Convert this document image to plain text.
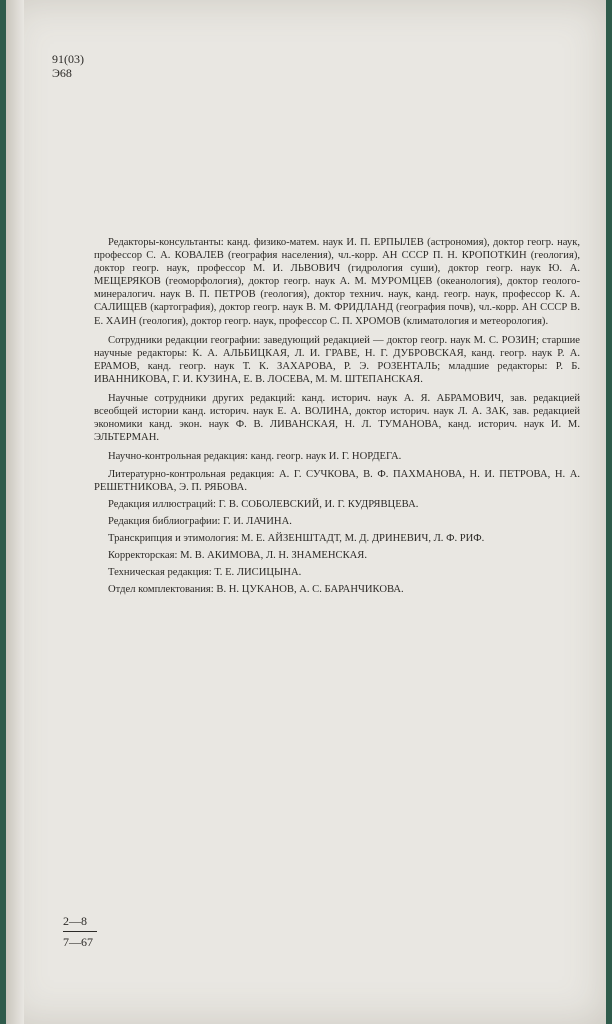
91(03)
Э68

Редакторы-консультанты: канд. физико-матем. наук И. П. ЕРПЫЛЕВ (астрономия), доктор геогр. наук, профессор С. А. КОВАЛЕВ (география населения), чл.-корр. АН СССР П. Н. КРОПОТКИН (геология), доктор геогр. наук, профессор М. И. ЛЬВОВИЧ (гидрология суши), доктор геогр. наук Ю. А. МЕЩЕРЯКОВ (геоморфология), доктор геогр. наук А. М. МУРОМЦЕВ (океанология), доктор геолого-минералогич. наук В. П. ПЕТРОВ (геология), доктор технич. наук, канд. геогр. наук, профессор К. А. САЛИЩЕВ (картография), доктор геогр. наук В. М. ФРИДЛАНД (география почв), чл.-корр. АН СССР В. Е. ХАИН (геология), доктор геогр. наук, профессор С. П. ХРОМОВ (климатология и метеорология).

Сотрудники редакции географии: заведующий редакцией — доктор геогр. наук М. С. РОЗИН; старшие научные редакторы: К. А. АЛЬБИЦКАЯ, Л. И. ГРАВЕ, Н. Г. ДУБРОВСКАЯ, канд. геогр. наук Р. А. ЕРАМОВ, канд. геогр. наук Т. К. ЗАХАРОВА, Р. Э. РОЗЕНТАЛЬ; младшие редакторы: Р. Б. ИВАННИКОВА, Г. И. КУЗИНА, Е. В. ЛОСЕВА, М. М. ШТЕПАНСКАЯ.

Научные сотрудники других редакций: канд. историч. наук А. Я. АБРАМОВИЧ, зав. редакцией всеобщей истории канд. историч. наук Е. А. ВОЛИНА, доктор историч. наук Л. А. ЗАК, зав. редакцией экономики канд. экон. наук Ф. В. ЛИВАНСКАЯ, Н. Л. ТУМАНОВА, канд. историч. наук И. М. ЭЛЬТЕРМАН.

Научно-контрольная редакция: канд. геогр. наук И. Г. НОРДЕГА.

Литературно-контрольная редакция: А. Г. СУЧКОВА, В. Ф. ПАХМАНОВА, Н. И. ПЕТРОВА, Н. А. РЕШЕТНИКОВА, Э. П. РЯБОВА.

Редакция иллюстраций: Г. В. СОБОЛЕВСКИЙ, И. Г. КУДРЯВЦЕВА.

Редакция библиографии: Г. И. ЛАЧИНА.

Транскрипция и этимология: М. Е. АЙЗЕНШТАДТ, М. Д. ДРИНЕВИЧ, Л. Ф. РИФ.

Корректорская: М. В. АКИМОВА, Л. Н. ЗНАМЕНСКАЯ.

Техническая редакция: Т. Е. ЛИСИЦЫНА.

Отдел комплектования: В. Н. ЦУКАНОВ, А. С. БАРАНЧИКОВА.

2—8
7—67
